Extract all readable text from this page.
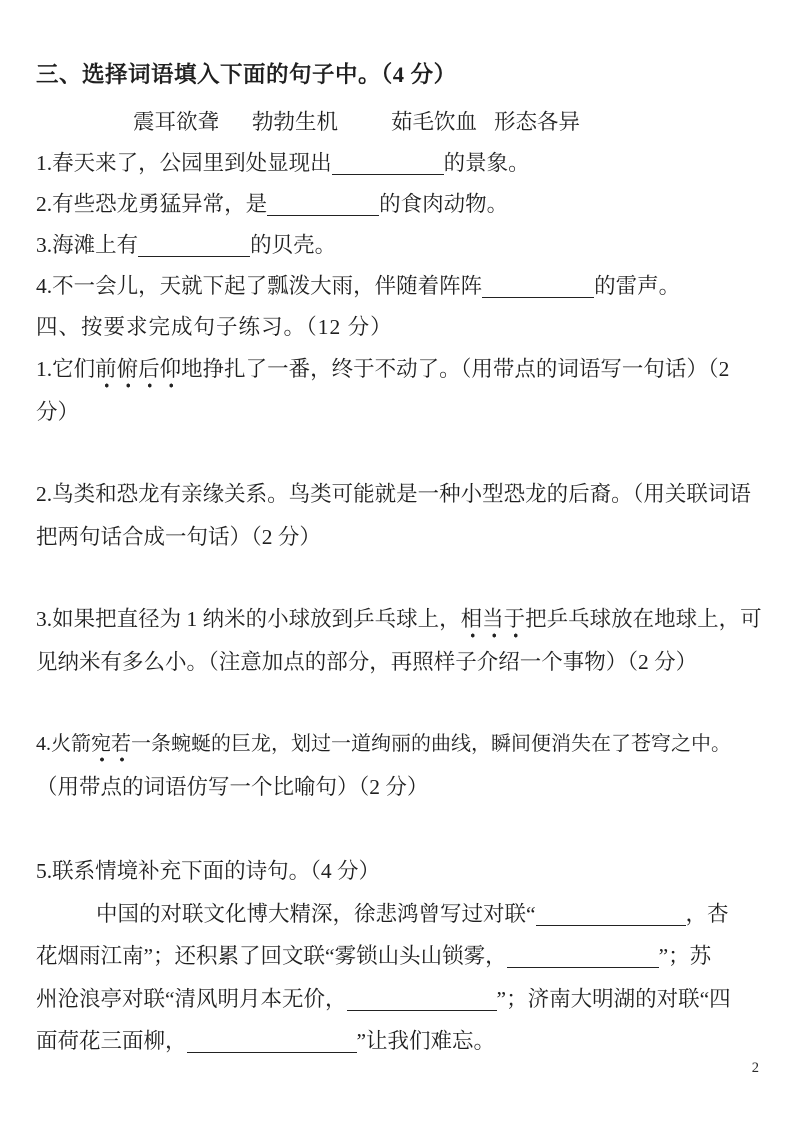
三、选择词语填入下面的句子中。（4 分）
震耳欲聋 勃勃生机 茹毛饮血 形态各异
1.春天来了，公园里到处显现出	的景象。
2.有些恐龙勇猛异常，是	的食肉动物。
3.海滩上有	的贝壳。
4.不一会儿，天就下起了瓢泼大雨，伴随着阵阵	的雷声。
四、按要求完成句子练习。（12 分）
1.它们前俯后仰地挣扎了一番，终于不动了。（用带点的词语写一句话）（2
分）
2.鸟类和恐龙有亲缘关系。鸟类可能就是一种小型恐龙的后裔。（用关联词语
把两句话合成一句话）（2 分）
3.如果把直径为 1 纳米的小球放到乒乓球上，相当于把乒乓球放在地球上，可
见纳米有多么小。（注意加点的部分，再照样子介绍一个事物）（2 分）
4.火箭宛若一条蜿蜒的巨龙，划过一道绚丽的曲线，瞬间便消失在了苍穹之中。
（用带点的词语仿写一个比喻句）（2 分）
5.联系情境补充下面的诗句。（4 分）
中国的对联文化博大精深，徐悲鸿曾写过对联“	，杏
花烟雨江南”；还积累了回文联“雾锁山头山锁雾，	”；苏
州沧浪亭对联“清风明月本无价，	”；济南大明湖的对联“四
面荷花三面柳，	”让我们难忘。
2
